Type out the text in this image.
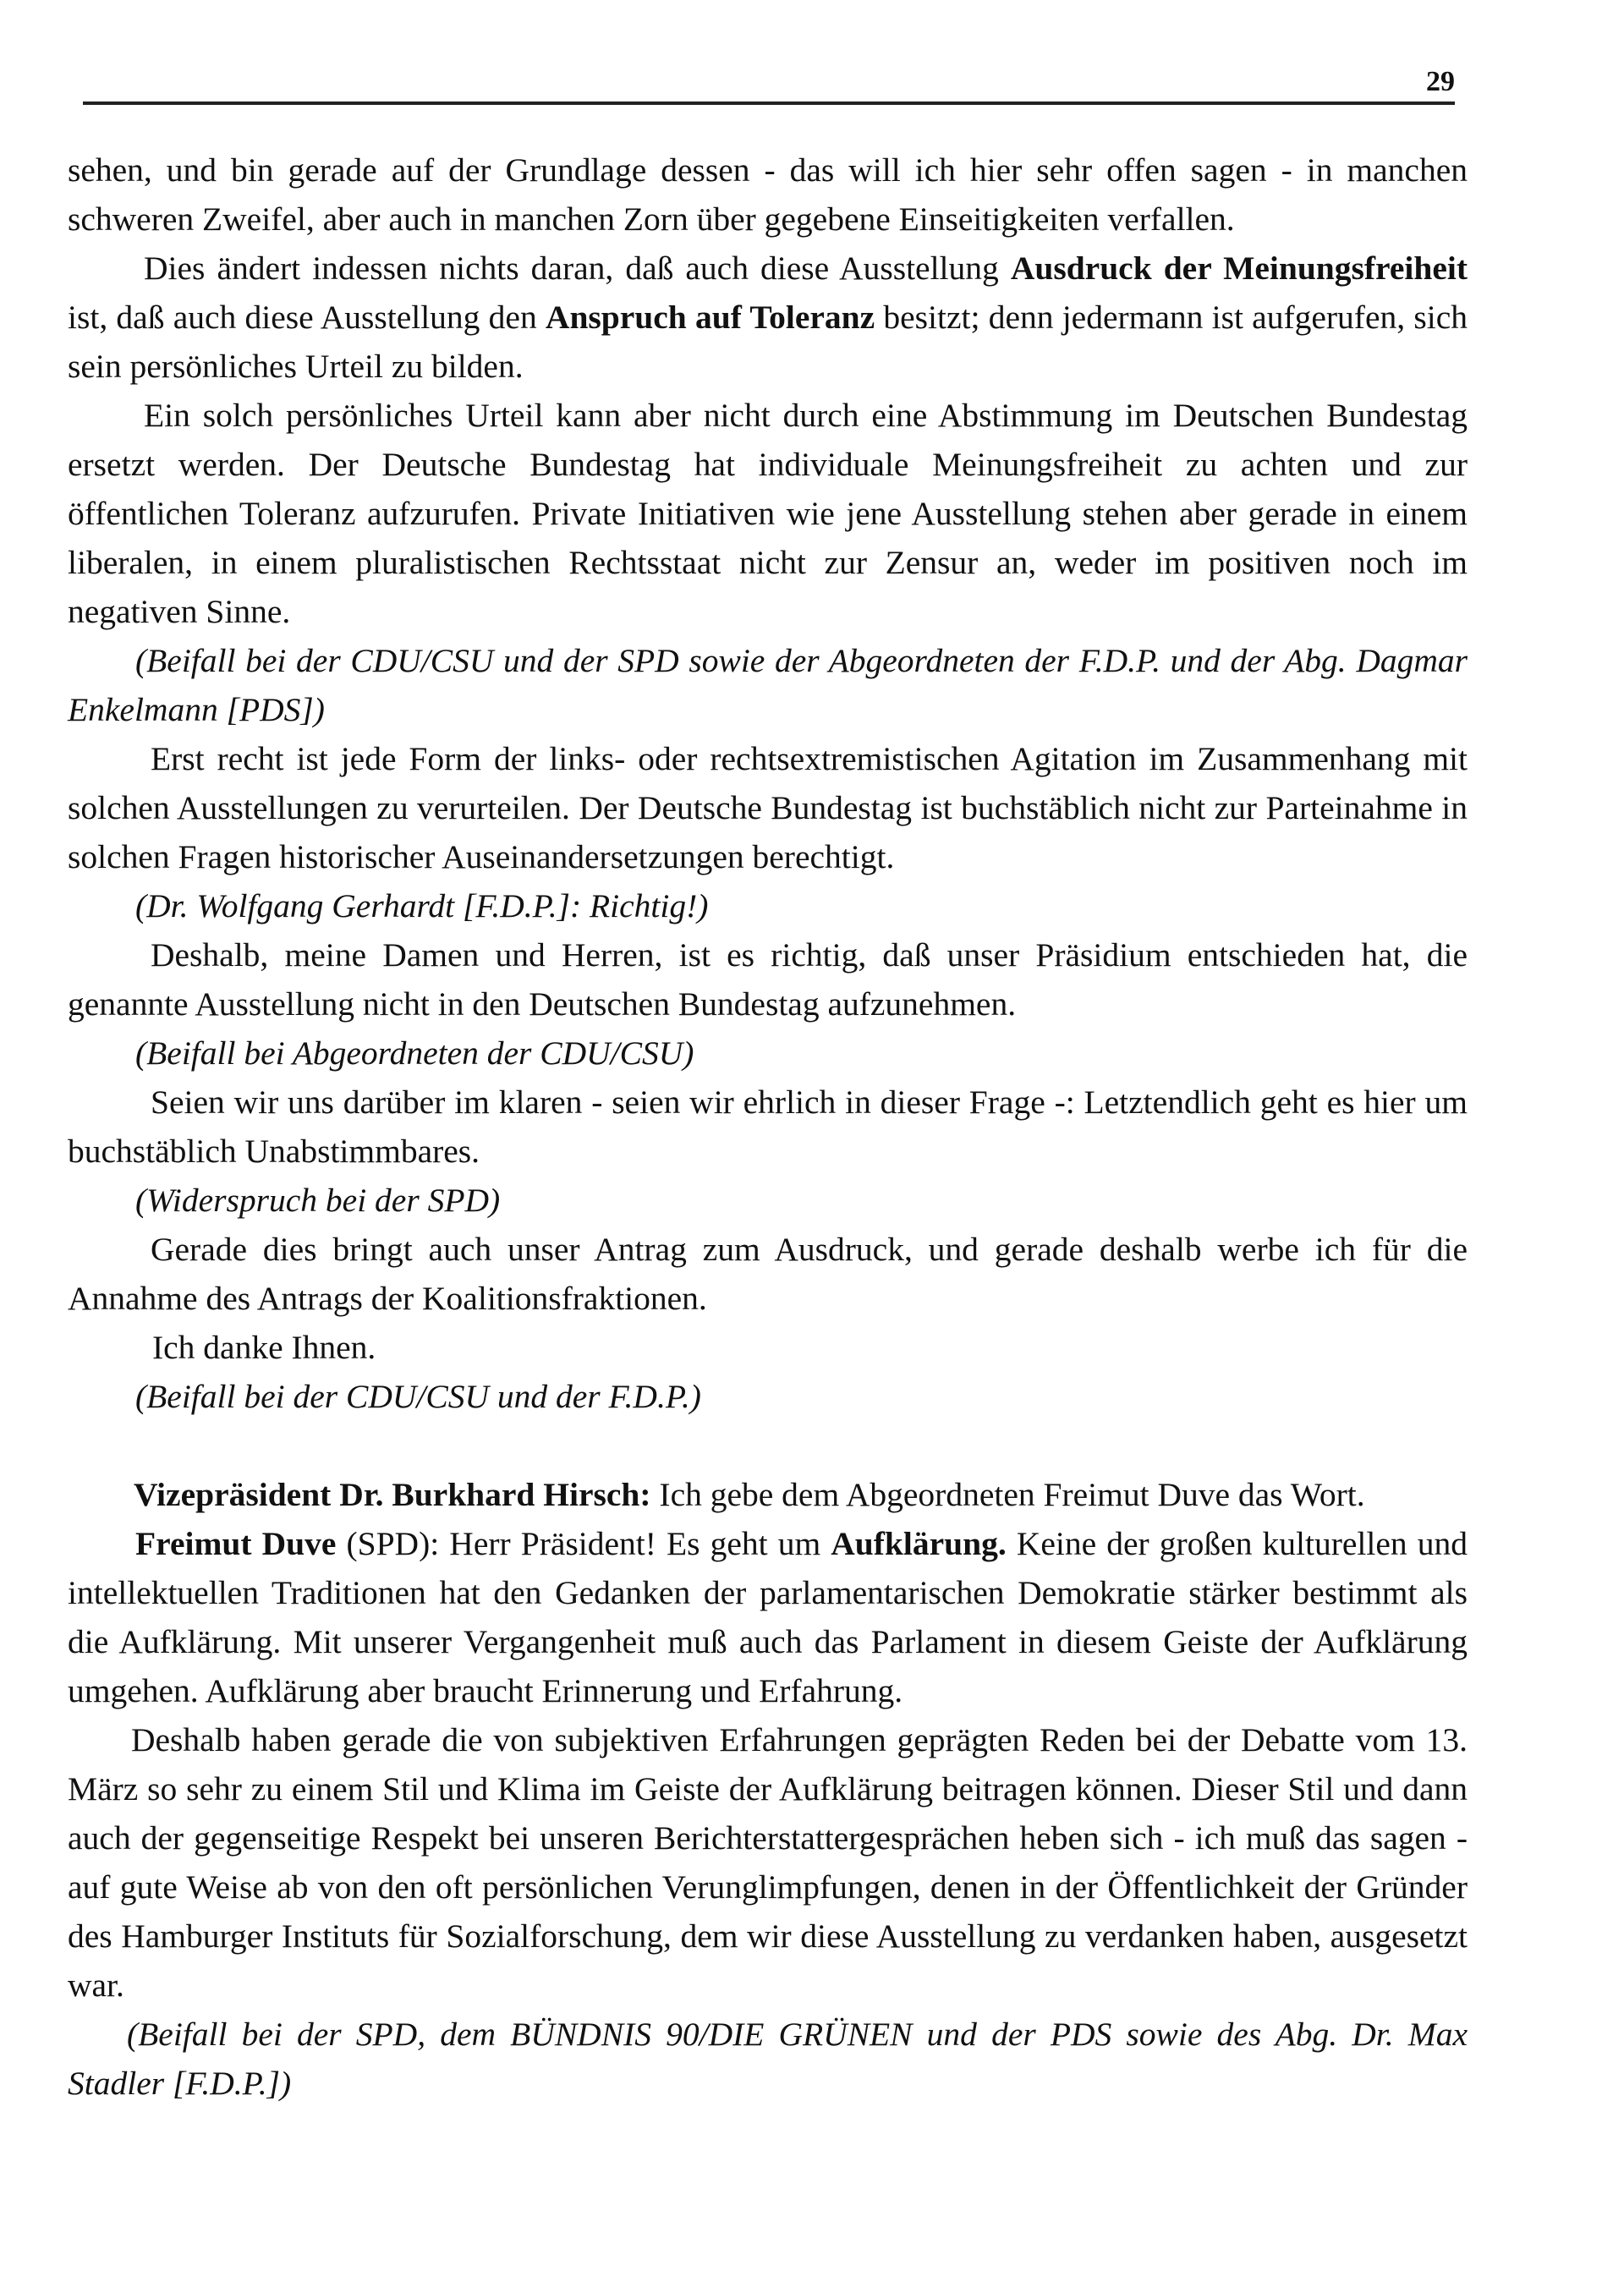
29

sehen, und bin gerade auf der Grundlage dessen - das will ich hier sehr offen sagen - in manchen schweren Zweifel, aber auch in manchen Zorn über gegebene Einseitigkeiten verfallen.

Dies ändert indessen nichts daran, daß auch diese Ausstellung Ausdruck der Meinungsfreiheit ist, daß auch diese Ausstellung den Anspruch auf Toleranz besitzt; denn jedermann ist aufgerufen, sich sein persönliches Urteil zu bilden.

Ein solch persönliches Urteil kann aber nicht durch eine Abstimmung im Deutschen Bundestag ersetzt werden. Der Deutsche Bundestag hat individuale Meinungsfreiheit zu achten und zur öffentlichen Toleranz aufzurufen. Private Initiativen wie jene Ausstellung stehen aber gerade in einem liberalen, in einem pluralistischen Rechtsstaat nicht zur Zensur an, weder im positiven noch im negativen Sinne.

(Beifall bei der CDU/CSU und der SPD sowie der Abgeordneten der F.D.P. und der Abg. Dagmar Enkelmann [PDS])

Erst recht ist jede Form der links- oder rechtsextremistischen Agitation im Zusammenhang mit solchen Ausstellungen zu verurteilen. Der Deutsche Bundestag ist buchstäblich nicht zur Parteinahme in solchen Fragen historischer Auseinandersetzungen berechtigt.

(Dr. Wolfgang Gerhardt [F.D.P.]: Richtig!)

Deshalb, meine Damen und Herren, ist es richtig, daß unser Präsidium entschieden hat, die genannte Ausstellung nicht in den Deutschen Bundestag aufzunehmen.

(Beifall bei Abgeordneten der CDU/CSU)

Seien wir uns darüber im klaren - seien wir ehrlich in dieser Frage -: Letztendlich geht es hier um buchstäblich Unabstimmbares.

(Widerspruch bei der SPD)

Gerade dies bringt auch unser Antrag zum Ausdruck, und gerade deshalb werbe ich für die Annahme des Antrags der Koalitionsfraktionen.

Ich danke Ihnen.

(Beifall bei der CDU/CSU und der F.D.P.)

Vizepräsident Dr. Burkhard Hirsch: Ich gebe dem Abgeordneten Freimut Duve das Wort.

Freimut Duve (SPD): Herr Präsident! Es geht um Aufklärung. Keine der großen kulturellen und intellektuellen Traditionen hat den Gedanken der parlamentarischen Demokratie stärker bestimmt als die Aufklärung. Mit unserer Vergangenheit muß auch das Parlament in diesem Geiste der Aufklärung umgehen. Aufklärung aber braucht Erinnerung und Erfahrung.

Deshalb haben gerade die von subjektiven Erfahrungen geprägten Reden bei der Debatte vom 13. März so sehr zu einem Stil und Klima im Geiste der Aufklärung beitragen können. Dieser Stil und dann auch der gegenseitige Respekt bei unseren Berichterstattergesprächen heben sich - ich muß das sagen - auf gute Weise ab von den oft persönlichen Verunglimpfungen, denen in der Öffentlichkeit der Gründer des Hamburger Instituts für Sozialforschung, dem wir diese Ausstellung zu verdanken haben, ausgesetzt war.

(Beifall bei der SPD, dem BÜNDNIS 90/DIE GRÜNEN und der PDS sowie des Abg. Dr. Max Stadler [F.D.P.])
